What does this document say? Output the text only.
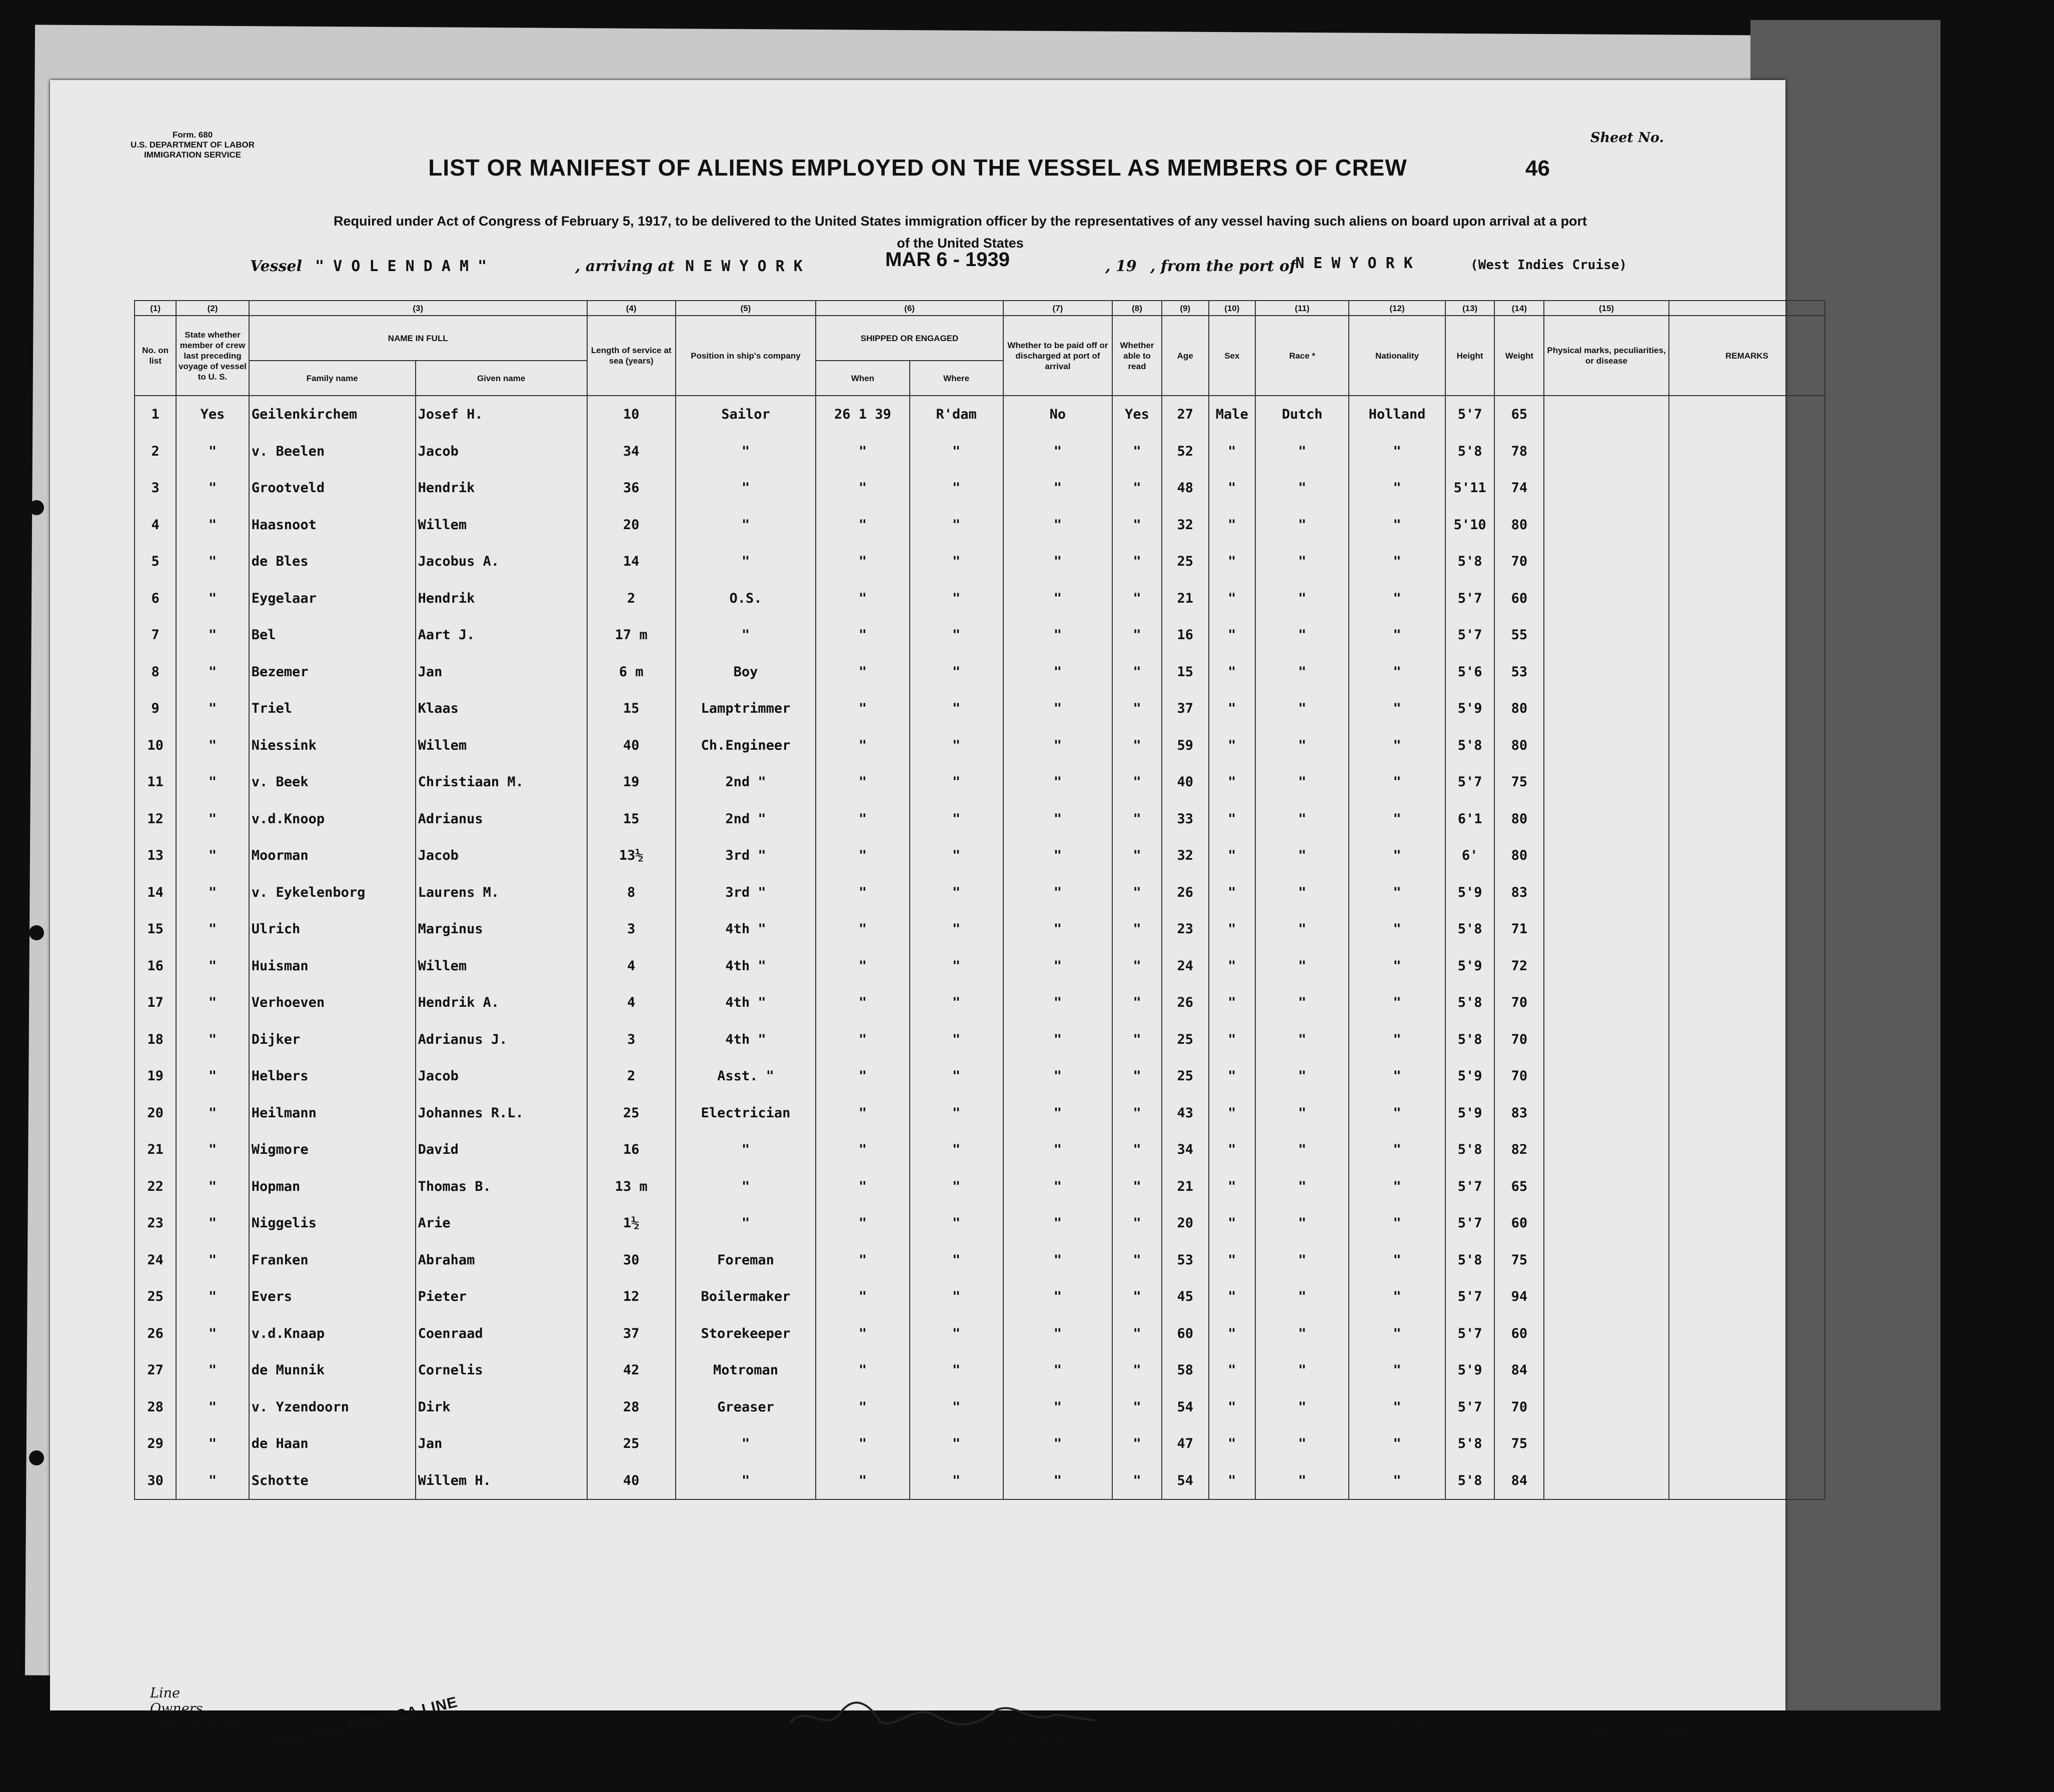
Form. 680
U.S. DEPARTMENT OF LABOR
IMMIGRATION SERVICE
Sheet No.
LIST OR MANIFEST OF ALIENS EMPLOYED ON THE VESSEL AS MEMBERS OF CREW	46
Required under Act of Congress of February 5, 1917, to be delivered to the United States immigration officer by the representatives of any vessel having such aliens on board upon arrival at a port
of the United States
Vessel " V O L E N D A M "	, arriving at N E W Y O R K	MAR 6 - 1939	, 19 , from the port of
N E W Y O R K	(West Indies Cruise)
(1)	(2)	(3)		(4)	(5)	(6)		(7)	(8)	(9)	(10)	(11)	(12)	(13)	(14)	(15)	
No. on list	State whether member of crew last preceding voyage of vessel to U. S.	NAME IN FULL		Length of service at sea (years)	Position in ship's company	SHIPPED OR ENGAGED		Whether to be paid off or discharged at port of arrival	Whether able to read	Age	Sex	Race *	Nationality	Height	Weight	Physical marks, peculiarities, or disease	REMARKS
		Family name	Given name			When	Where										
1	Yes	Geilenkirchem	Josef H.	10	Sailor	26 1 39	R'dam	No	Yes	27	Male	Dutch	Holland	5'7	65		
2	"	v. Beelen	Jacob	34	"	"	"	"	"	52	"	"	"	5'8	78		
3	"	Grootveld	Hendrik	36	"	"	"	"	"	48	"	"	"	5'11	74		
4	"	Haasnoot	Willem	20	"	"	"	"	"	32	"	"	"	5'10	80		
5	"	de Bles	Jacobus A.	14	"	"	"	"	"	25	"	"	"	5'8	70		
6	"	Eygelaar	Hendrik	2	O.S.	"	"	"	"	21	"	"	"	5'7	60		
7	"	Bel	Aart J.	17 m	"	"	"	"	"	16	"	"	"	5'7	55		
8	"	Bezemer	Jan	6 m	Boy	"	"	"	"	15	"	"	"	5'6	53		
9	"	Triel	Klaas	15	Lamptrimmer	"	"	"	"	37	"	"	"	5'9	80		
10	"	Niessink	Willem	40	Ch.Engineer	"	"	"	"	59	"	"	"	5'8	80		
11	"	v. Beek	Christiaan M.	19	2nd "	"	"	"	"	40	"	"	"	5'7	75		
12	"	v.d.Knoop	Adrianus	15	2nd "	"	"	"	"	33	"	"	"	6'1	80		
13	"	Moorman	Jacob	13½	3rd "	"	"	"	"	32	"	"	"	6'	80		
14	"	v. Eykelenborg	Laurens M.	8	3rd "	"	"	"	"	26	"	"	"	5'9	83		
15	"	Ulrich	Marginus	3	4th "	"	"	"	"	23	"	"	"	5'8	71		
16	"	Huisman	Willem	4	4th "	"	"	"	"	24	"	"	"	5'9	72		
17	"	Verhoeven	Hendrik A.	4	4th "	"	"	"	"	26	"	"	"	5'8	70		
18	"	Dijker	Adrianus J.	3	4th "	"	"	"	"	25	"	"	"	5'8	70		
19	"	Helbers	Jacob	2	Asst. "	"	"	"	"	25	"	"	"	5'9	70		
20	"	Heilmann	Johannes R.L.	25	Electrician	"	"	"	"	43	"	"	"	5'9	83		
21	"	Wigmore	David	16	"	"	"	"	"	34	"	"	"	5'8	82		
22	"	Hopman	Thomas B.	13 m	"	"	"	"	"	21	"	"	"	5'7	65		
23	"	Niggelis	Arie	1½	"	"	"	"	"	20	"	"	"	5'7	60		
24	"	Franken	Abraham	30	Foreman	"	"	"	"	53	"	"	"	5'8	75		
25	"	Evers	Pieter	12	Boilermaker	"	"	"	"	45	"	"	"	5'7	94		
26	"	v.d.Knaap	Coenraad	37	Storekeeper	"	"	"	"	60	"	"	"	5'7	60		
27	"	de Munnik	Cornelis	42	Motroman	"	"	"	"	58	"	"	"	5'9	84		
28	"	v. Yzendoorn	Dirk	28	Greaser	"	"	"	"	54	"	"	"	5'7	70		
29	"	de Haan	Jan	25	"	"	"	"	"	47	"	"	"	5'8	75		
30	"	Schotte	Willem H.	40	"	"	"	"	"	54	"	"	"	5'8	84		
Line
Owners
Local Agents HOLLAND AMERICA LINE	Immigrant Inspector.
* See list of races on back hereof.
Note. — Failure to furnish full or correct information in columns (3), (6), (7) and (8) is punishable by a fine of ten dollars for each alien. See other side.
